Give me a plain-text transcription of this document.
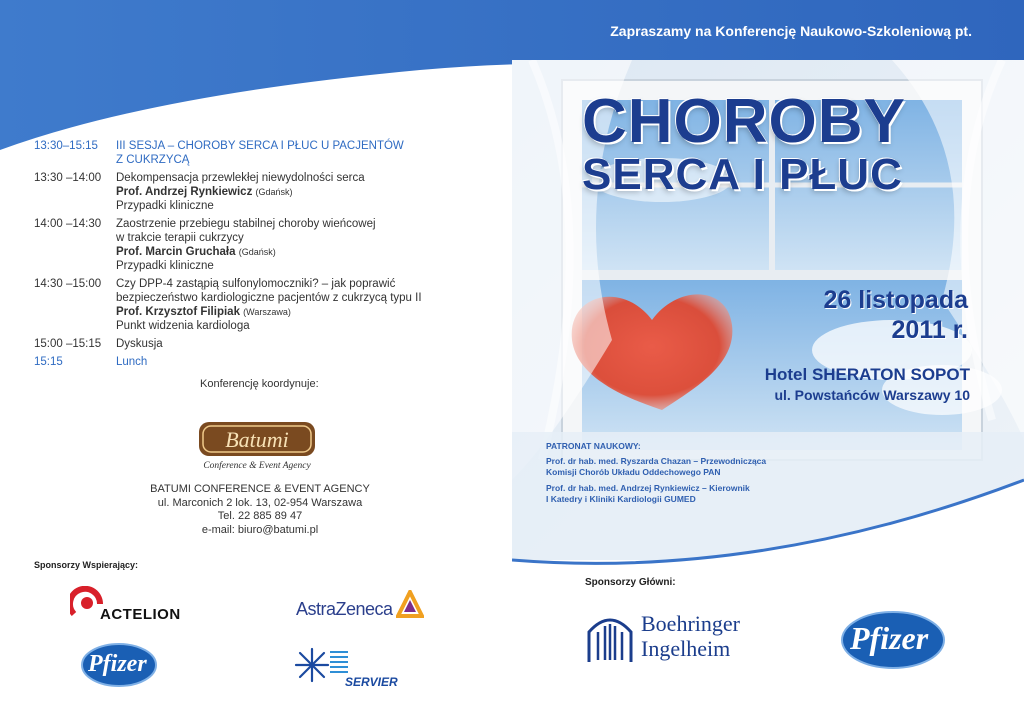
Zapraszamy na Konferencję Naukowo-Szkoleniową pt.
CHOROBY
SERCA I PŁUC
26 listopada
2011 r.
Hotel SHERATON SOPOT
ul. Powstańców Warszawy 10
PATRONAT NAUKOWY:
Prof. dr hab. med. Ryszarda Chazan – Przewodnicząca
Komisji Chorób Układu Oddechowego PAN
Prof. dr hab. med. Andrzej Rynkiewicz – Kierownik
I Katedry i Kliniki Kardiologii GUMED
13:30–15:15	III SESJA – CHOROBY SERCA I PŁUC U PACJENTÓW
Z CUKRZYCĄ
13:30 –14:00	Dekompensacja przewlekłej niewydolności serca
Prof. Andrzej Rynkiewicz (Gdańsk)
Przypadki kliniczne
14:00 –14:30	Zaostrzenie przebiegu stabilnej choroby wieńcowej
w trakcie terapii cukrzycy
Prof. Marcin Gruchała (Gdańsk)
Przypadki kliniczne
14:30 –15:00	Czy DPP-4 zastąpią sulfonylomoczniki? – jak poprawić
bezpieczeństwo kardiologiczne pacjentów z cukrzycą typu II
Prof. Krzysztof Filipiak (Warszawa)
Punkt widzenia kardiologa
15:00 –15:15	Dyskusja
15:15	Lunch
Konferencję koordynuje:
Batumi
Conference & Event Agency
BATUMI CONFERENCE & EVENT AGENCY
ul. Marconich 2 lok. 13, 02-954 Warszawa
Tel. 22 885 89 47
e-mail: biuro@batumi.pl
Sponsorzy Wspierający:
Sponsorzy Główni:
ACTELION
Pfizer
AstraZeneca
SERVIER
Boehringer
Ingelheim	Pfizer
